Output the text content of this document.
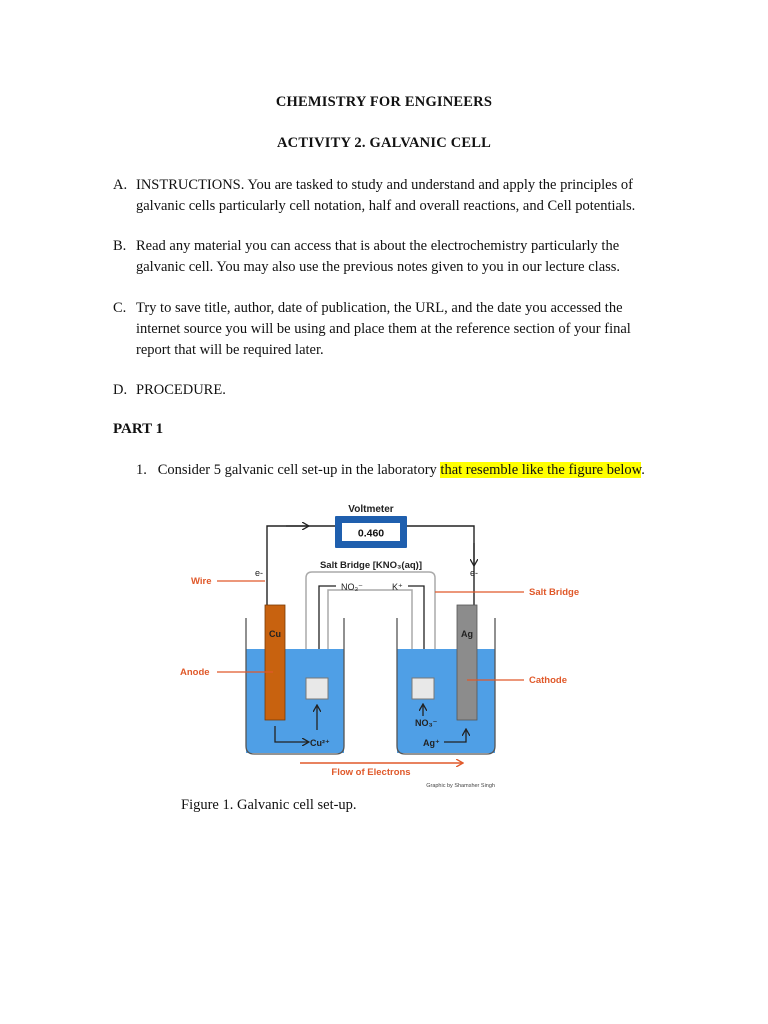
CHEMISTRY FOR ENGINEERS
ACTIVITY 2. GALVANIC CELL
A. INSTRUCTIONS. You are tasked to study and understand and apply the principles of
galvanic cells particularly cell notation, half and overall reactions, and Cell potentials.
B. Read any material you can access that is about the electrochemistry particularly the
galvanic cell. You may also use the previous notes given to you in our lecture class.
C. Try to save title, author, date of publication, the URL, and the date you accessed the
internet source you will be using and place them at the reference section of your final
report that will be required later.
D. PROCEDURE.
PART 1
1. Consider 5 galvanic cell set-up in the laboratory that resemble like the figure below.
Voltmeter
0.460
e-	e-
Salt Bridge [KNO₃(aq)]
NO₃⁻	K⁺
Cu
Cu²⁺
Ag
NO₃⁻
Ag⁺
Wire
Anode
Salt Bridge
Cathode
Flow of Electrons
Graphic by Shamsher Singh
Figure 1. Galvanic cell set-up.
